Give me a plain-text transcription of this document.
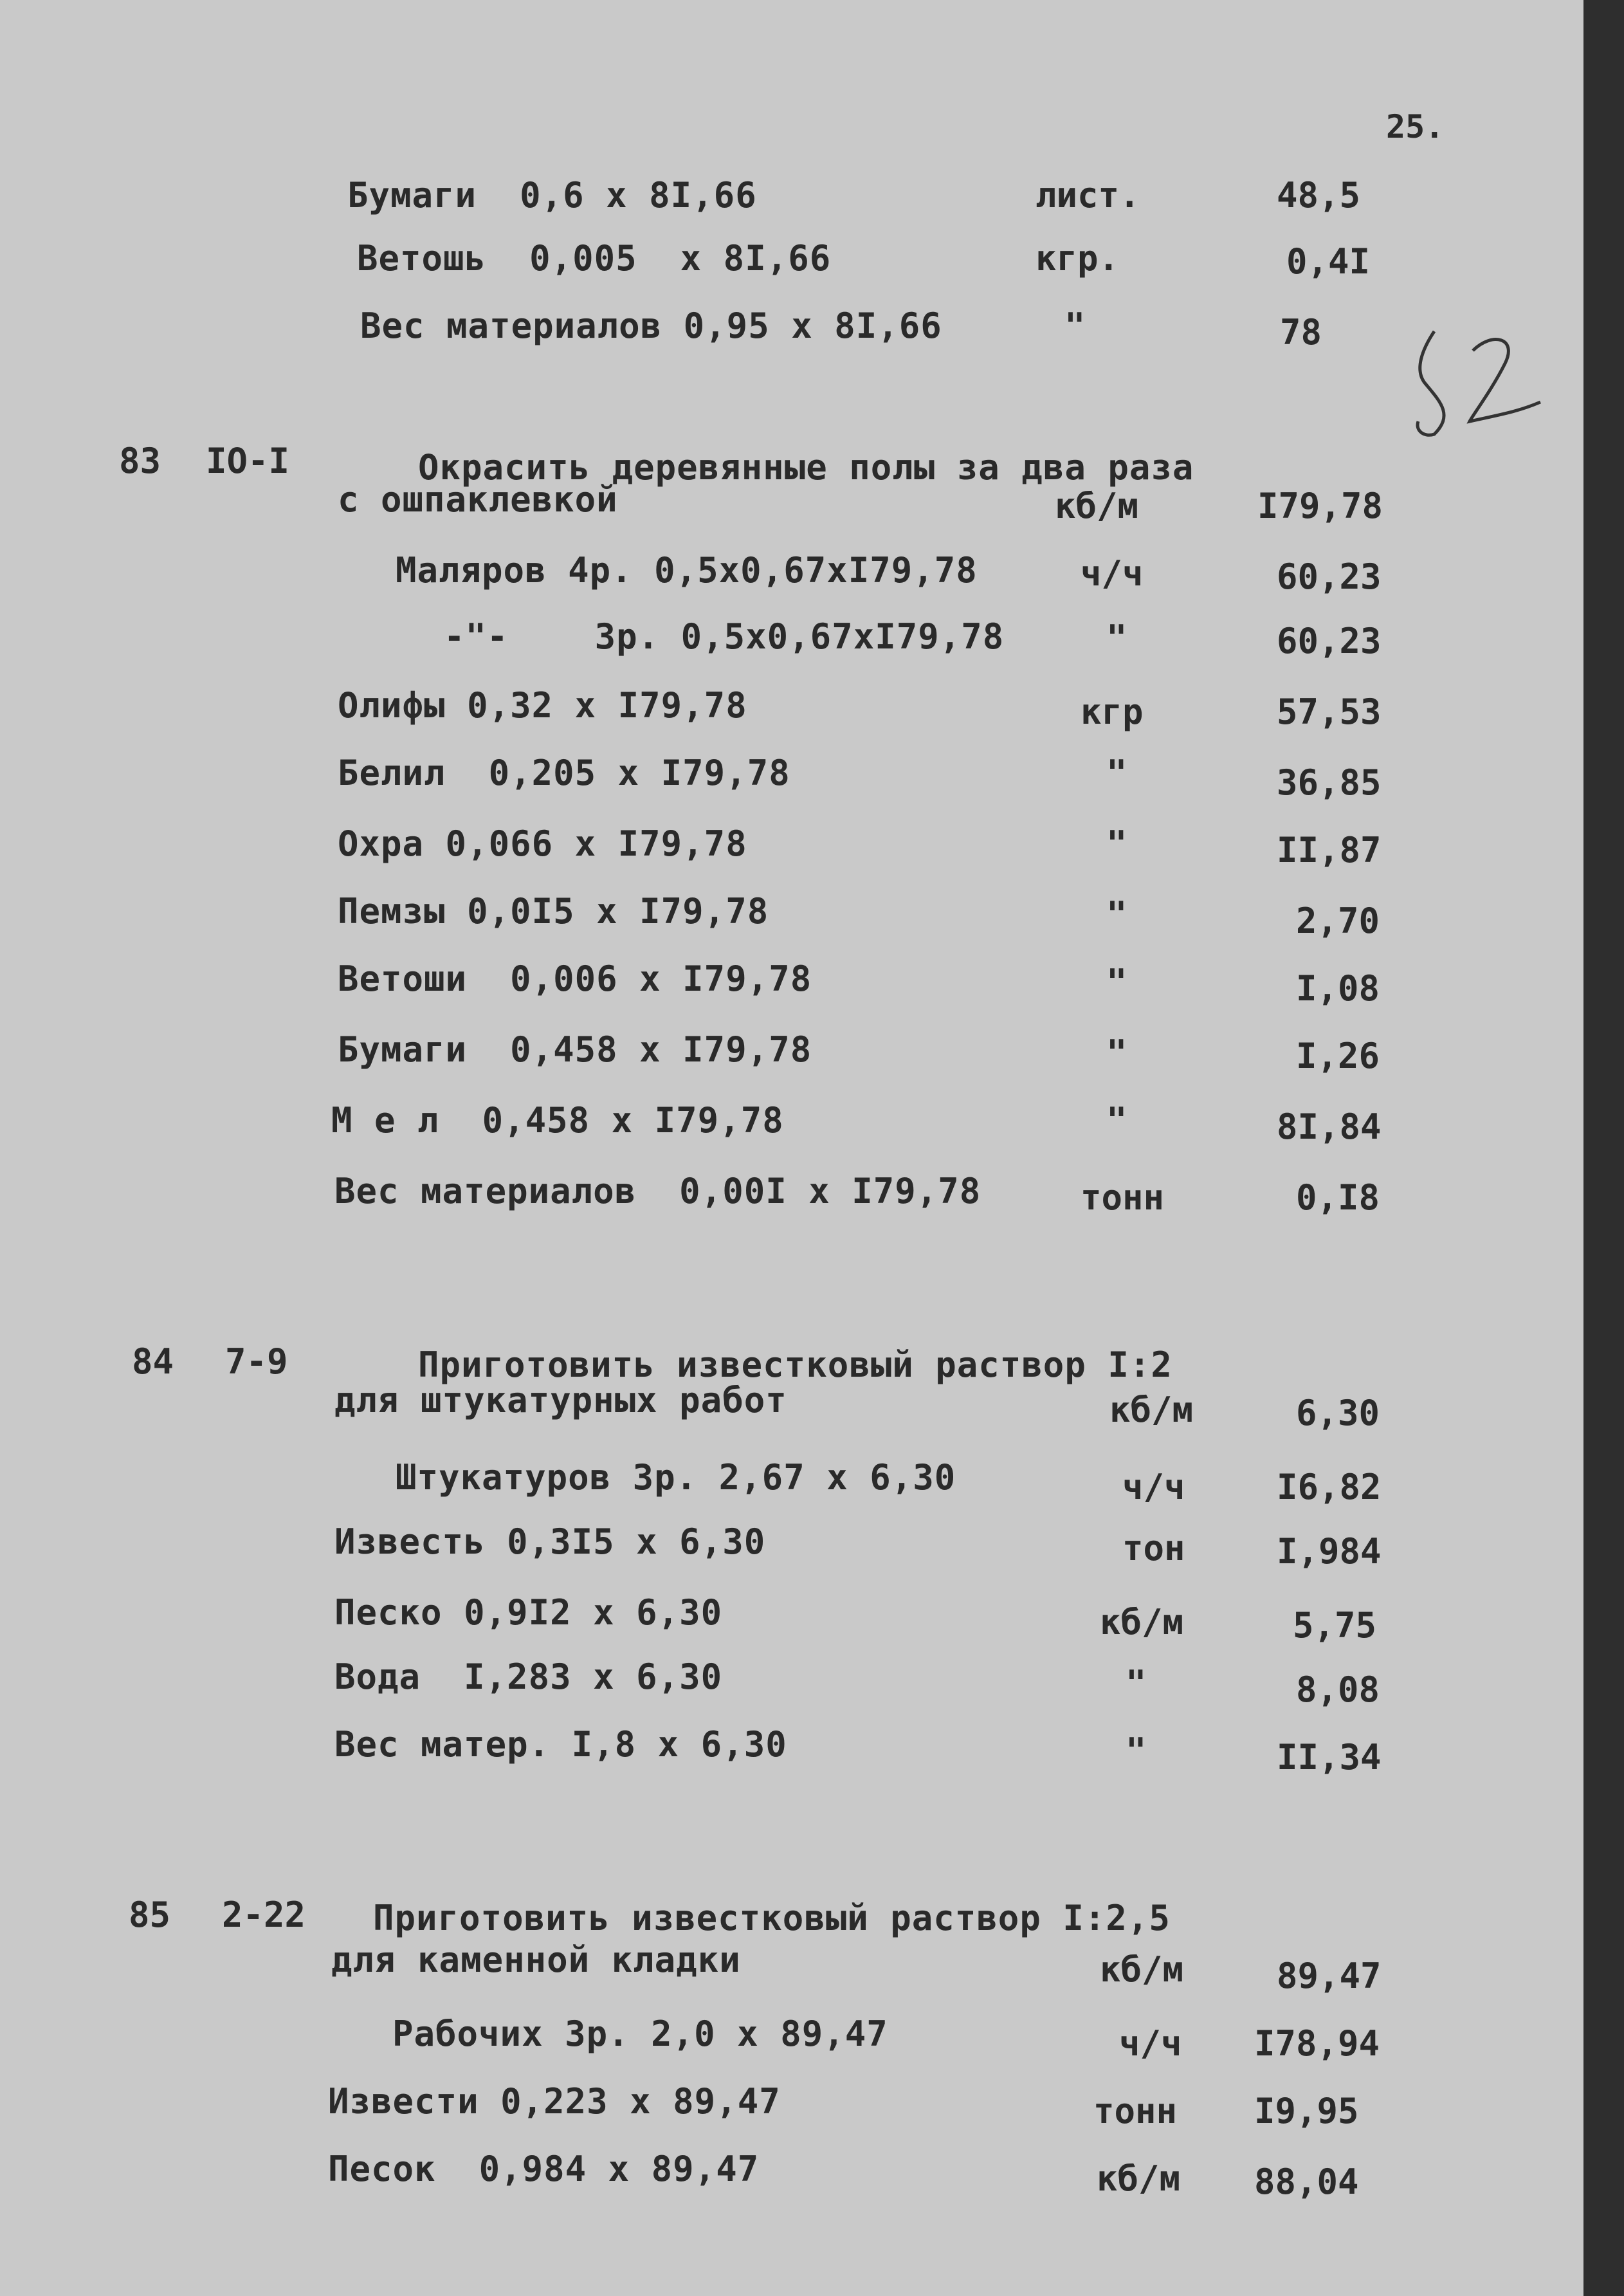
25.
Бумаги  0,6 х 8I,66	лист.	48,5
Ветошь  0,005  х 8I,66	кгр.	0,4I
Вес материалов 0,95 х 8I,66	"	78
83 IO-I	Окрасить деревянные полы за два раза
с ошпаклевкой	кб/м	I79,78
Маляров 4р. 0,5х0,67хI79,78	ч/ч	60,23
-"-    3р. 0,5х0,67хI79,78	"	60,23
Олифы 0,32 х I79,78	кгр	57,53
Белил  0,205 х I79,78	"	36,85
Охра 0,066 х I79,78	"	II,87
Пемзы 0,0I5 х I79,78	"	2,70
Ветоши  0,006 х I79,78	"	I,08
Бумаги  0,458 х I79,78	"	I,26
М е л  0,458 х I79,78	"	8I,84
Вес материалов  0,00I х I79,78	тонн	0,I8
84 7-9	Приготовить известковый раствор I:2
для штукатурных работ	кб/м	6,30
Штукатуров 3р. 2,67 х 6,30	ч/ч	I6,82
Известь 0,3I5 х 6,30	тон	I,984
Песко 0,9I2 х 6,30	кб/м	5,75
Вода  I,283 х 6,30	"	8,08
Вес матер. I,8 х 6,30	"	II,34
85 2-22 Приготовить известковый раствор I:2,5
для каменной кладки	кб/м	89,47
Рабочих 3р. 2,0 х 89,47	ч/ч I78,94
Извести 0,223 х 89,47	тонн I9,95
Песок  0,984 х 89,47	кб/м 88,04
